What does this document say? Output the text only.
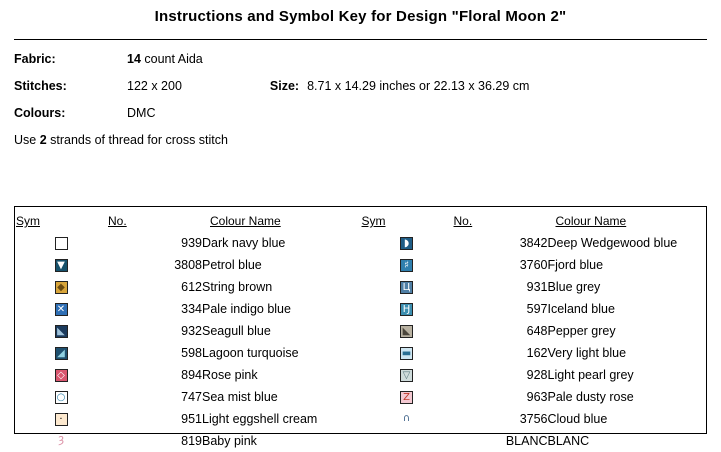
Instructions and Symbol Key for Design "Floral Moon 2"
Fabric:	14 count Aida
Stitches:	122 x 200	Size: 8.71 x 14.29 inches or 22.13 x 36.29 cm
Colours:	DMC
Use 2 strands of thread for cross stitch
Sym	No.	Colour Name

	939	Dark navy blue

▼	3808	Petrol blue

◆	612	String brown

✕	334	Pale indigo blue

◣	932	Seagull blue

◢	598	Lagoon turquoise

◇	894	Rose pink

○	747	Sea mist blue

·	951	Light eggshell cream

Ȝ	819	Baby pink
Sym	No.	Colour Name

◗	3842	Deep Wedgewood blue

♯	3760	Fjord blue

Ц	931	Blue grey

Ӈ	597	Iceland blue

◣	648	Pepper grey

▬	162	Very light blue

▽	928	Light pearl grey

Z	963	Pale dusty rose

∩	3756	Cloud blue
	BLANC	BLANC
